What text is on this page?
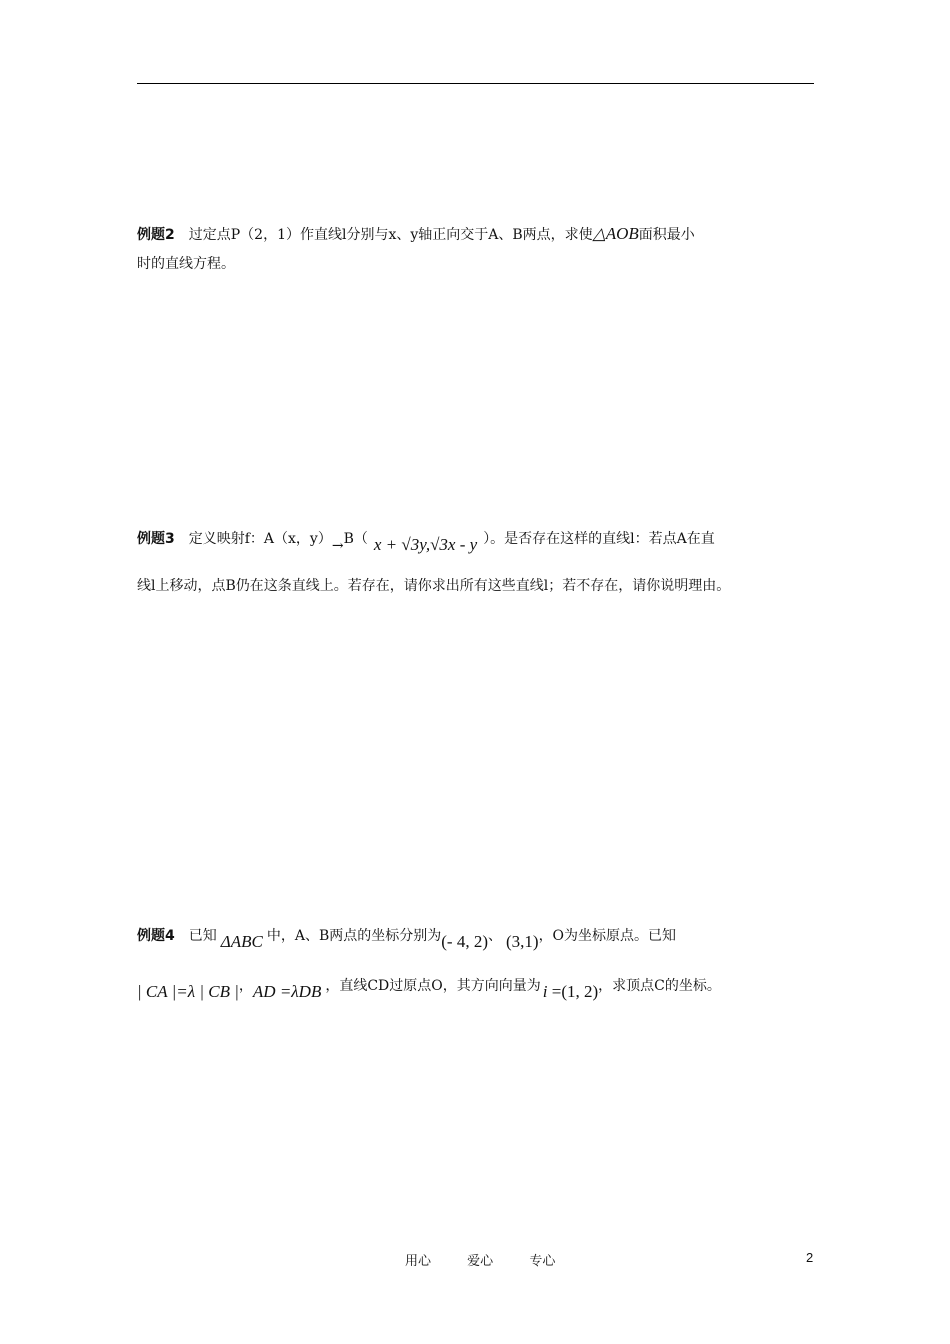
例题2 过定点P（2，1）作直线l分别与x、y轴正向交于A、B两点，求使△AOB面积最小
时的直线方程。
例题3 定义映射f：A（x，y）→B（ x + √3y,√3x - y ）。是否存在这样的直线l：若点A在直
线l上移动，点B仍在这条直线上。若存在，请你求出所有这些直线l；若不存在，请你说明理由。
例题4 已知 ΔABC 中，A、B两点的坐标分别为(- 4, 2)、 (3,1)，O为坐标原点。已知
| CA |=λ | CB |，AD =λDB ，直线CD过原点O，其方向向量为 i =(1, 2)，求顶点C的坐标。
用心	爱心	专心	2
